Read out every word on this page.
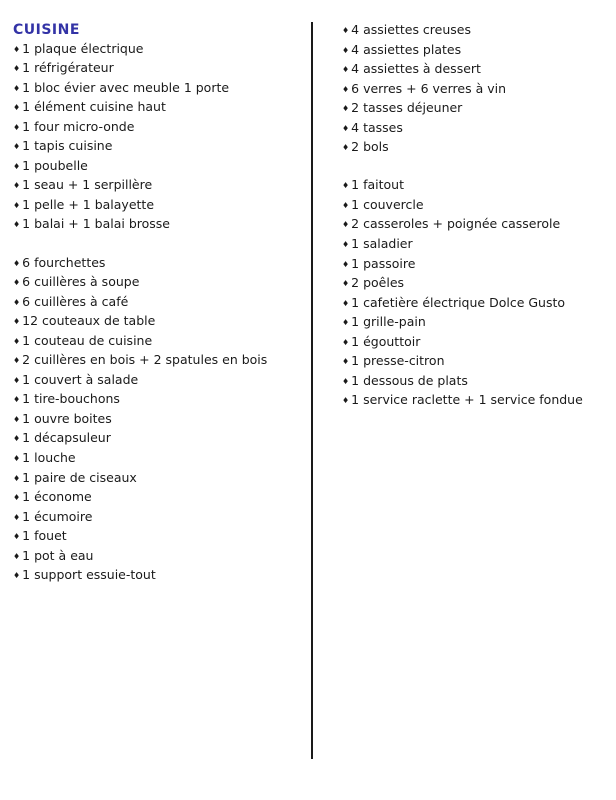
CUISINE
♦ 1 plaque électrique
♦ 1 réfrigérateur
♦ 1 bloc évier avec meuble 1 porte
♦ 1 élément cuisine haut
♦ 1 four micro-onde
♦ 1 tapis cuisine
♦ 1 poubelle
♦ 1 seau + 1 serpillère
♦ 1 pelle + 1 balayette
♦ 1 balai + 1 balai brosse
♦ 6 fourchettes
♦ 6 cuillères à soupe
♦ 6 cuillères à café
♦ 12 couteaux de table
♦ 1 couteau de cuisine
♦ 2 cuillères en bois + 2 spatules en bois
♦ 1 couvert à salade
♦ 1 tire-bouchons
♦ 1 ouvre boites
♦ 1 décapsuleur
♦ 1 louche
♦ 1 paire de ciseaux
♦ 1 économe
♦ 1 écumoire
♦ 1 fouet
♦ 1 pot à eau
♦ 1 support essuie-tout
♦ 4 assiettes creuses
♦ 4 assiettes plates
♦ 4 assiettes à dessert
♦ 6 verres + 6 verres à vin
♦ 2 tasses déjeuner
♦ 4 tasses
♦ 2 bols
♦ 1 faitout
♦ 1 couvercle
♦ 2 casseroles + poignée casserole
♦ 1 saladier
♦ 1 passoire
♦ 2 poêles
♦ 1 cafetière électrique Dolce Gusto
♦ 1 grille-pain
♦ 1 égouttoir
♦ 1 presse-citron
♦ 1 dessous de plats
♦ 1 service raclette + 1 service fondue
